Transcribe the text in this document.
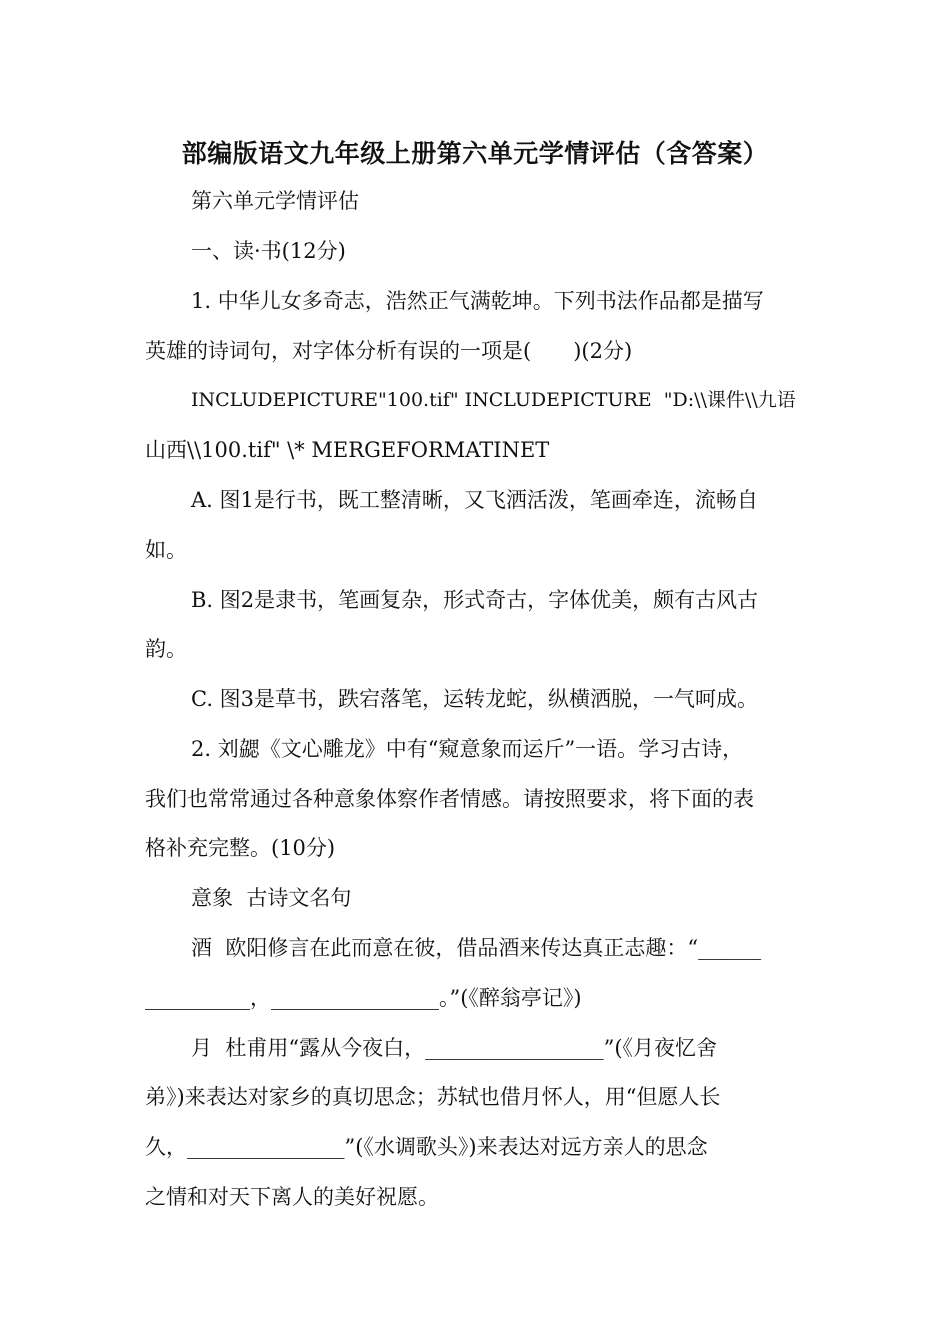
部编版语文九年级上册第六单元学情评估（含答案）

第六单元学情评估

一、读·书(12分)

1. 中华儿女多奇志，浩然正气满乾坤。下列书法作品都是描写

英雄的诗词句，对字体分析有误的一项是(　　)(2分)

INCLUDEPICTURE"100.tif" INCLUDEPICTURE  "D:\\课件\\九语

山西\\100.tif" \* MERGEFORMATINET

A. 图1是行书，既工整清晰，又飞洒活泼，笔画牵连，流畅自

如。

B. 图2是隶书，笔画复杂，形式奇古，字体优美，颇有古风古

韵。

C. 图3是草书，跌宕落笔，运转龙蛇，纵横洒脱，一气呵成。

2. 刘勰《文心雕龙》中有“窥意象而运斤”一语。学习古诗，

我们也常常通过各种意象体察作者情感。请按照要求，将下面的表

格补充完整。(10分)

意象  古诗文名句

酒  欧阳修言在此而意在彼，借品酒来传达真正志趣：“______

__________，________________。”(《醉翁亭记》)

月  杜甫用“露从今夜白，_________________”(《月夜忆舍

弟》)来表达对家乡的真切思念；苏轼也借月怀人，用“但愿人长

久，_______________”(《水调歌头》)来表达对远方亲人的思念

之情和对天下离人的美好祝愿。
